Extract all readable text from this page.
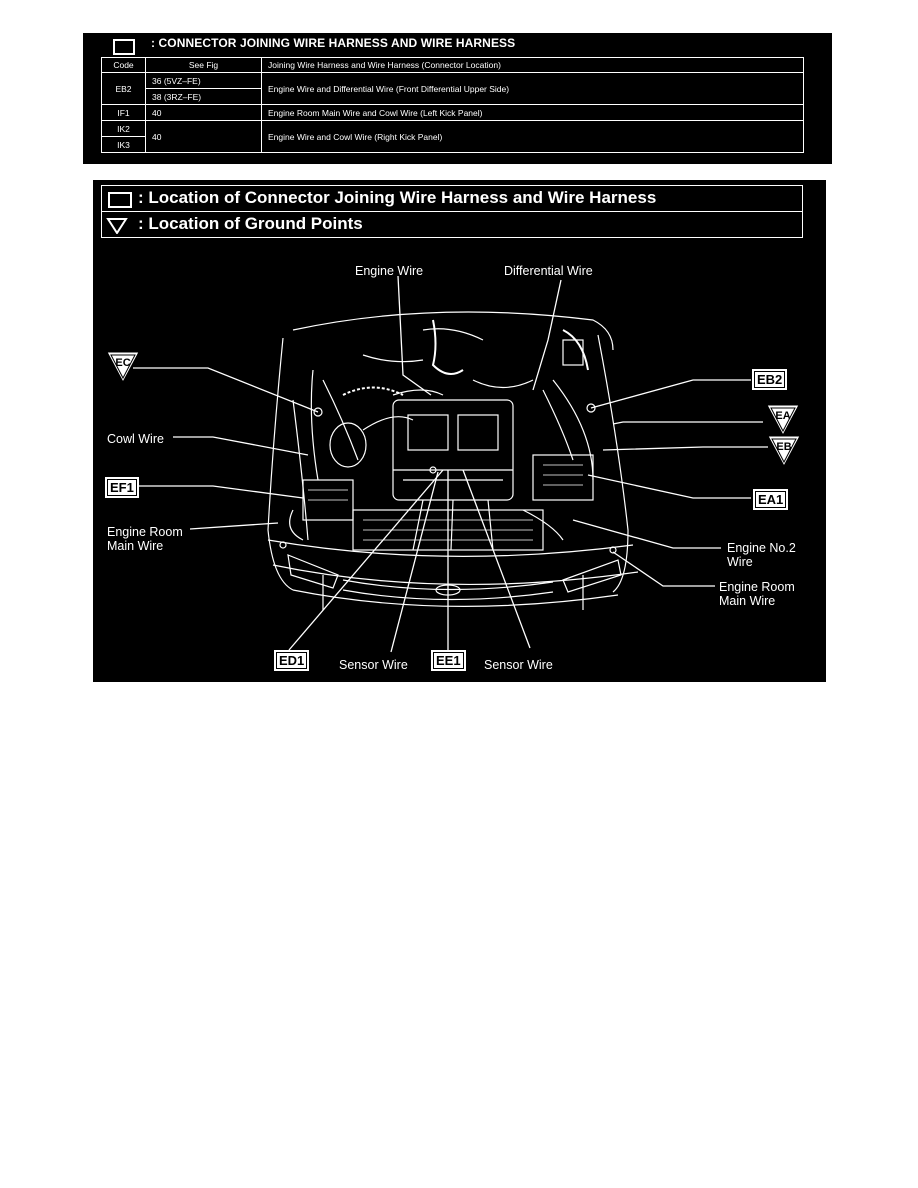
: CONNECTOR JOINING WIRE HARNESS AND WIRE HARNESS
Code	See Fig	Joining Wire Harness and Wire Harness (Connector Location)
EB2	36 (5VZ–FE)	Engine Wire and Differential Wire (Front Differential Upper Side)
	38 (3RZ–FE)	
IF1	40	Engine Room Main Wire and Cowl Wire (Left Kick Panel)
IK2	40	Engine Wire and Cowl Wire (Right Kick Panel)
IK3		
: Location of Connector Joining Wire Harness and Wire Harness
: Location of Ground Points
Engine Wire	Differential Wire
Cowl Wire
Engine Room
Main Wire	Engine No.2
Wire
Engine Room
Main Wire
Sensor Wire	Sensor Wire
EB2
EF1
EA1
ED1	EE1
EC
EA
EB
